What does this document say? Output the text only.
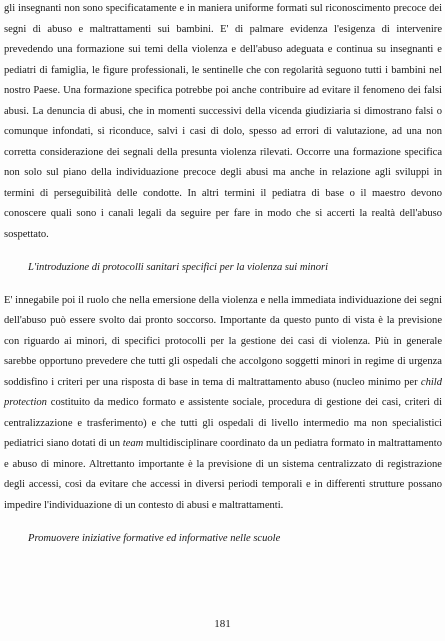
gli insegnanti non sono specificatamente e in maniera uniforme formati sul riconoscimento precoce dei segni di abuso e maltrattamenti sui bambini. E' di palmare evidenza l'esigenza di intervenire prevedendo una formazione sui temi della violenza e dell'abuso adeguata e continua su insegnanti e pediatri di famiglia, le figure professionali, le sentinelle che con regolarità seguono tutti i bambini nel nostro Paese. Una formazione specifica potrebbe poi anche contribuire ad evitare il fenomeno dei falsi abusi. La denuncia di abusi, che in momenti successivi della vicenda giudiziaria si dimostrano falsi o comunque infondati, si riconduce, salvi i casi di dolo, spesso ad errori di valutazione, ad una non corretta considerazione dei segnali della presunta violenza rilevati. Occorre una formazione specifica non solo sul piano della individuazione precoce degli abusi ma anche in relazione agli sviluppi in termini di perseguibilità delle condotte. In altri termini il pediatra di base o il maestro devono conoscere quali sono i canali legali da seguire per fare in modo che si accerti la realtà dell'abuso sospettato.

L'introduzione di protocolli sanitari specifici per la violenza sui minori

E' innegabile poi il ruolo che nella emersione della violenza e nella immediata individuazione dei segni dell'abuso può essere svolto dai pronto soccorso. Importante da questo punto di vista è la previsione con riguardo ai minori, di specifici protocolli per la gestione dei casi di violenza. Più in generale sarebbe opportuno prevedere che tutti gli ospedali che accolgono soggetti minori in regime di urgenza soddisfino i criteri per una risposta di base in tema di maltrattamento abuso (nucleo minimo per child protection costituito da medico formato e assistente sociale, procedura di gestione dei casi, criteri di centralizzazione e trasferimento) e che tutti gli ospedali di livello intermedio ma non specialistici pediatrici siano dotati di un team multidisciplinare coordinato da un pediatra formato in maltrattamento e abuso di minore. Altrettanto importante è la previsione di un sistema centralizzato di registrazione degli accessi, così da evitare che accessi in diversi periodi temporali e in differenti strutture possano impedire l'individuazione di un contesto di abusi e maltrattamenti.

Promuovere iniziative formative ed informative nelle scuole

181
